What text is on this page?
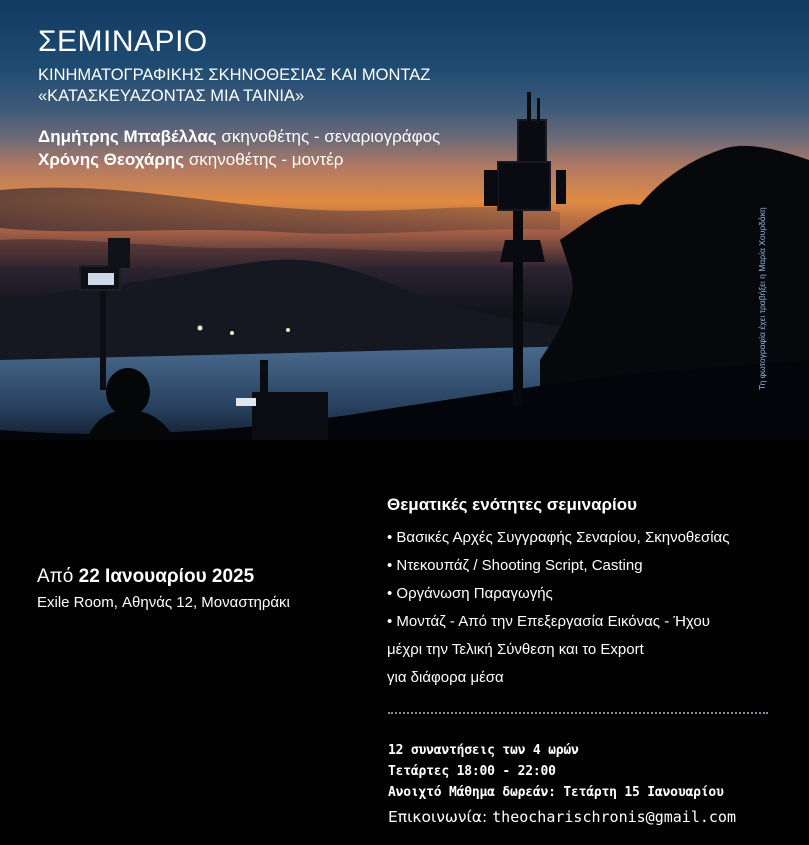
ΣΕΜΙΝΑΡΙΟ
ΚΙΝΗΜΑΤΟΓΡΑΦΙΚΗΣ ΣΚΗΝΟΘΕΣΙΑΣ ΚΑΙ ΜΟΝΤΑΖ
«ΚΑΤΑΣΚΕΥΑΖΟΝΤΑΣ ΜΙΑ ΤΑΙΝΙΑ»
Δημήτρης Μπαβέλλας σκηνοθέτης - σεναριογράφος
Χρόνης Θεοχάρης σκηνοθέτης - μοντέρ
Τη φωτογραφία έχει τραβήξει η Μαρία Χουρδάκη
Από 22 Ιανουαρίου 2025
Exile Room, Αθηνάς 12, Μοναστηράκι
Θεματικές ενότητες σεμιναρίου
• Βασικές Αρχές Συγγραφής Σεναρίου, Σκηνοθεσίας
• Ντεκουπάζ / Shooting Script, Casting
• Οργάνωση Παραγωγής
• Μοντάζ - Από την Επεξεργασία Εικόνας - Ήχου
μέχρι την Τελική Σύνθεση και το Export
για διάφορα μέσα
12 συναντήσεις των 4 ωρών
Τετάρτες 18:00 - 22:00
Ανοιχτό Μάθημα δωρεάν: Τετάρτη 15 Ιανουαρίου
Επικοινωνία: theocharischronis@gmail.com
